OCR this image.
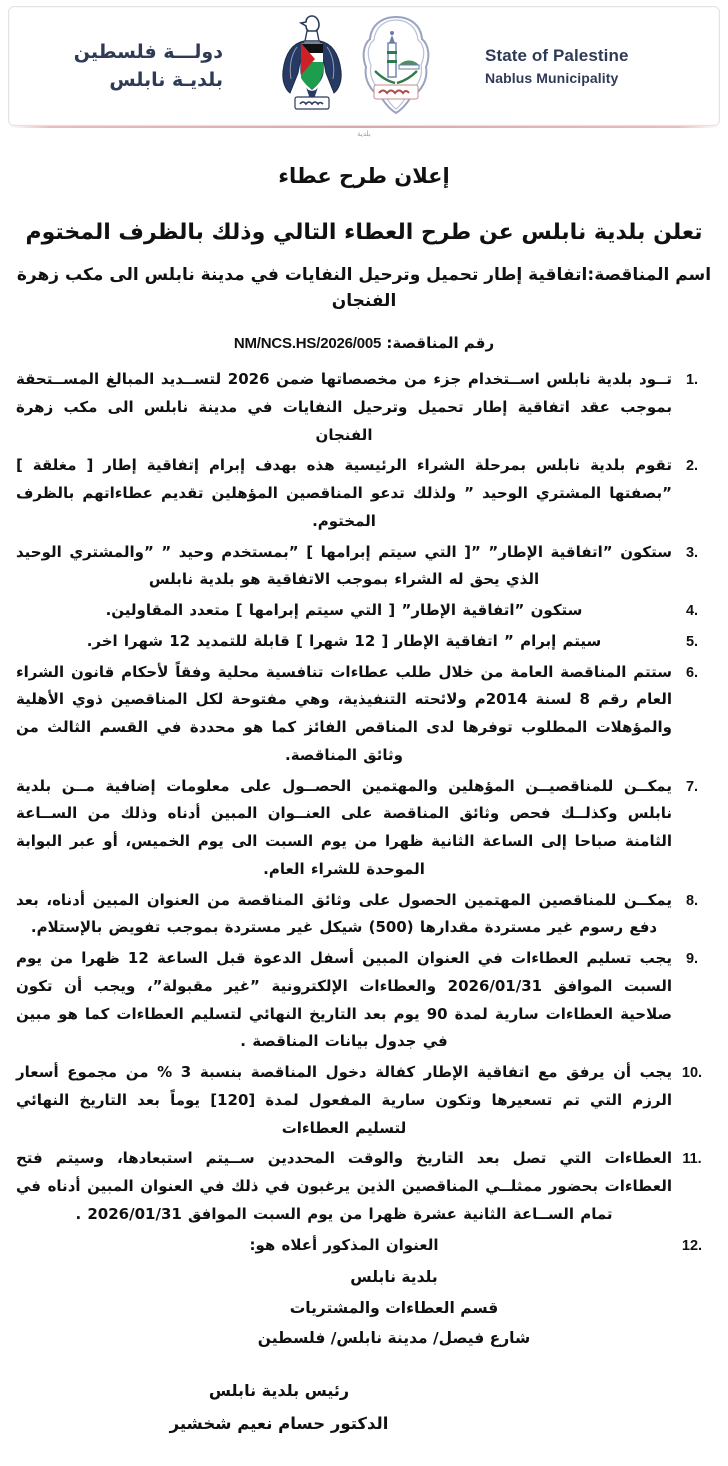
State of Palestine
Nablus Municipality
دولـــة فلسطين
بلديـة نابلس
بلدية
إعلان طرح عطاء
تعلن بلدية نابلس عن طرح العطاء التالي وذلك بالظرف المختوم
اسم المناقصة:اتفاقية إطار تحميل وترحيل النفايات في مدينة نابلس الى مكب زهرة الفنجان
رقم المناقصة: NM/NCS.HS/2026/005
1.
تــود بلدية نابلس اســتخدام جزء من مخصصاتها ضمن 2026 لتســديد المبالغ المســتحقة بموجب عقد اتفاقية إطار تحميل وترحيل النفايات في مدينة نابلس الى مكب زهرة الفنجان
2.
تقوم بلدية نابلس بمرحلة الشراء الرئيسية هذه بهدف إبرام إتفاقية إطار [ مغلقة ] ”بصفتها المشتري الوحيد ” ولذلك تدعو المناقصين المؤهلين تقديم عطاءاتهم بالظرف المختوم.
3.
ستكون ”اتفاقية الإطار” ”[ التي سيتم إبرامها ] ”بمستخدم وحيد ” ”والمشتري الوحيد الذي يحق له الشراء بموجب الاتفاقية هو بلدية نابلس
4.
ستكون ”اتفاقية الإطار” [ التي سيتم إبرامها ] متعدد المقاولين.
5.
سيتم إبرام ” اتفاقية الإطار [ 12 شهرا ] قابلة للتمديد 12 شهرا اخر.
6.
ستتم المناقصة العامة من خلال طلب عطاءات تنافسية محلية وفقاً لأحكام قانون الشراء العام رقم 8 لسنة 2014م ولائحته التنفيذية، وهي مفتوحة لكل المناقصين ذوي الأهلية والمؤهلات المطلوب توفرها لدى المناقص الفائز كما هو محددة في القسم الثالث من وثائق المناقصة.
7.
يمكــن للمناقصيــن المؤهلين والمهتمين الحصــول على معلومات إضافية مــن بلدية نابلس وكذلــك فحص وثائق المناقصة على العنــوان المبين أدناه وذلك من الســاعة الثامنة صباحا إلى الساعة الثانية ظهرا من يوم السبت الى يوم الخميس، أو عبر البوابة الموحدة للشراء العام.
8.
يمكــن للمناقصين المهتمين الحصول على وثائق المناقصة من العنوان المبين أدناه، بعد دفع رسوم غير مستردة مقدارها (500) شيكل غير مستردة بموجب تفويض بالإستلام.
9.
يجب تسليم العطاءات في العنوان المبين أسفل الدعوة قبل الساعة 12 ظهرا من يوم السبت الموافق 2026/01/31 والعطاءات الإلكترونية ”غير مقبولة”، ويجب أن تكون صلاحية العطاءات سارية لمدة 90 يوم بعد التاريخ النهائي لتسليم العطاءات كما هو مبين في جدول بيانات المناقصة .
10.
يجب أن يرفق مع اتفاقية الإطار كفالة دخول المناقصة بنسبة 3 % من مجموع أسعار الرزم التي تم تسعيرها وتكون سارية المفعول لمدة [120] يوماً بعد التاريخ النهائي لتسليم العطاءات
11.
العطاءات التي تصل بعد التاريخ والوقت المحددين ســيتم استبعادها، وسيتم فتح العطاءات بحضور ممثلــي المناقصين الذين يرغبون في ذلك في العنوان المبين أدناه في تمام الســاعة الثانية عشرة ظهرا من يوم السبت الموافق 2026/01/31 .
12.
العنوان المذكور أعلاه هو:
بلدية نابلس
قسم العطاءات والمشتريات
شارع فيصل/ مدينة نابلس/ فلسطين
رئيس بلدية نابلس
الدكتور حسام نعيم شخشير
